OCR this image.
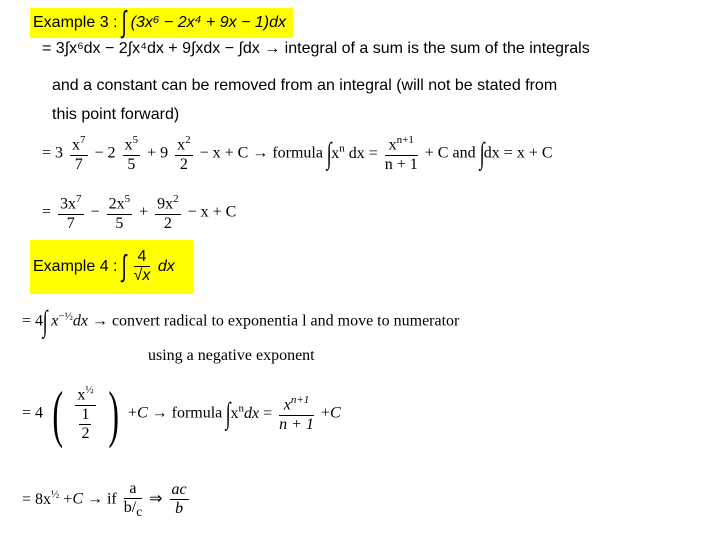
Example 3 : ∫ (3x⁶ − 2x⁴ + 9x − 1)dx
= 3∫x⁶dx − 2∫x⁴dx + 9∫xdx − ∫dx → integral of a sum is the sum of the integrals
and a constant can be removed from an integral (will not be stated from
this point forward)
= $3 \frac{x^7}{7} - 2 \frac{x^5}{5} + 9 \frac{x^2}{2} - x + C$ → formula $\int x^n$ dx = $\frac{x^{n+1}}{n + 1} + C$ and ∫dx = x + C
= $\frac{3x^7}{7} - \frac{2x^5}{5} + \frac{9x^2}{2} - x + C$
Example 4 : ∫ $\frac{4}{√x}$ dx
= 4∫ $x^{-\frac{1}{2}}dx$ → convert radical to exponentia l and move to numerator
using a negative exponent
= 4 ( $\frac{x^{\frac{1}{2}}}{\frac{1}{2}}$ ) +C → formula $\int x^ndx = \frac{x^{n+1}}{n + 1} +C$
= $8x^{\frac{1}{2}} +C$ → if $\frac{a}{b/_c}$ ⇒ $\frac{ac}{b}$
